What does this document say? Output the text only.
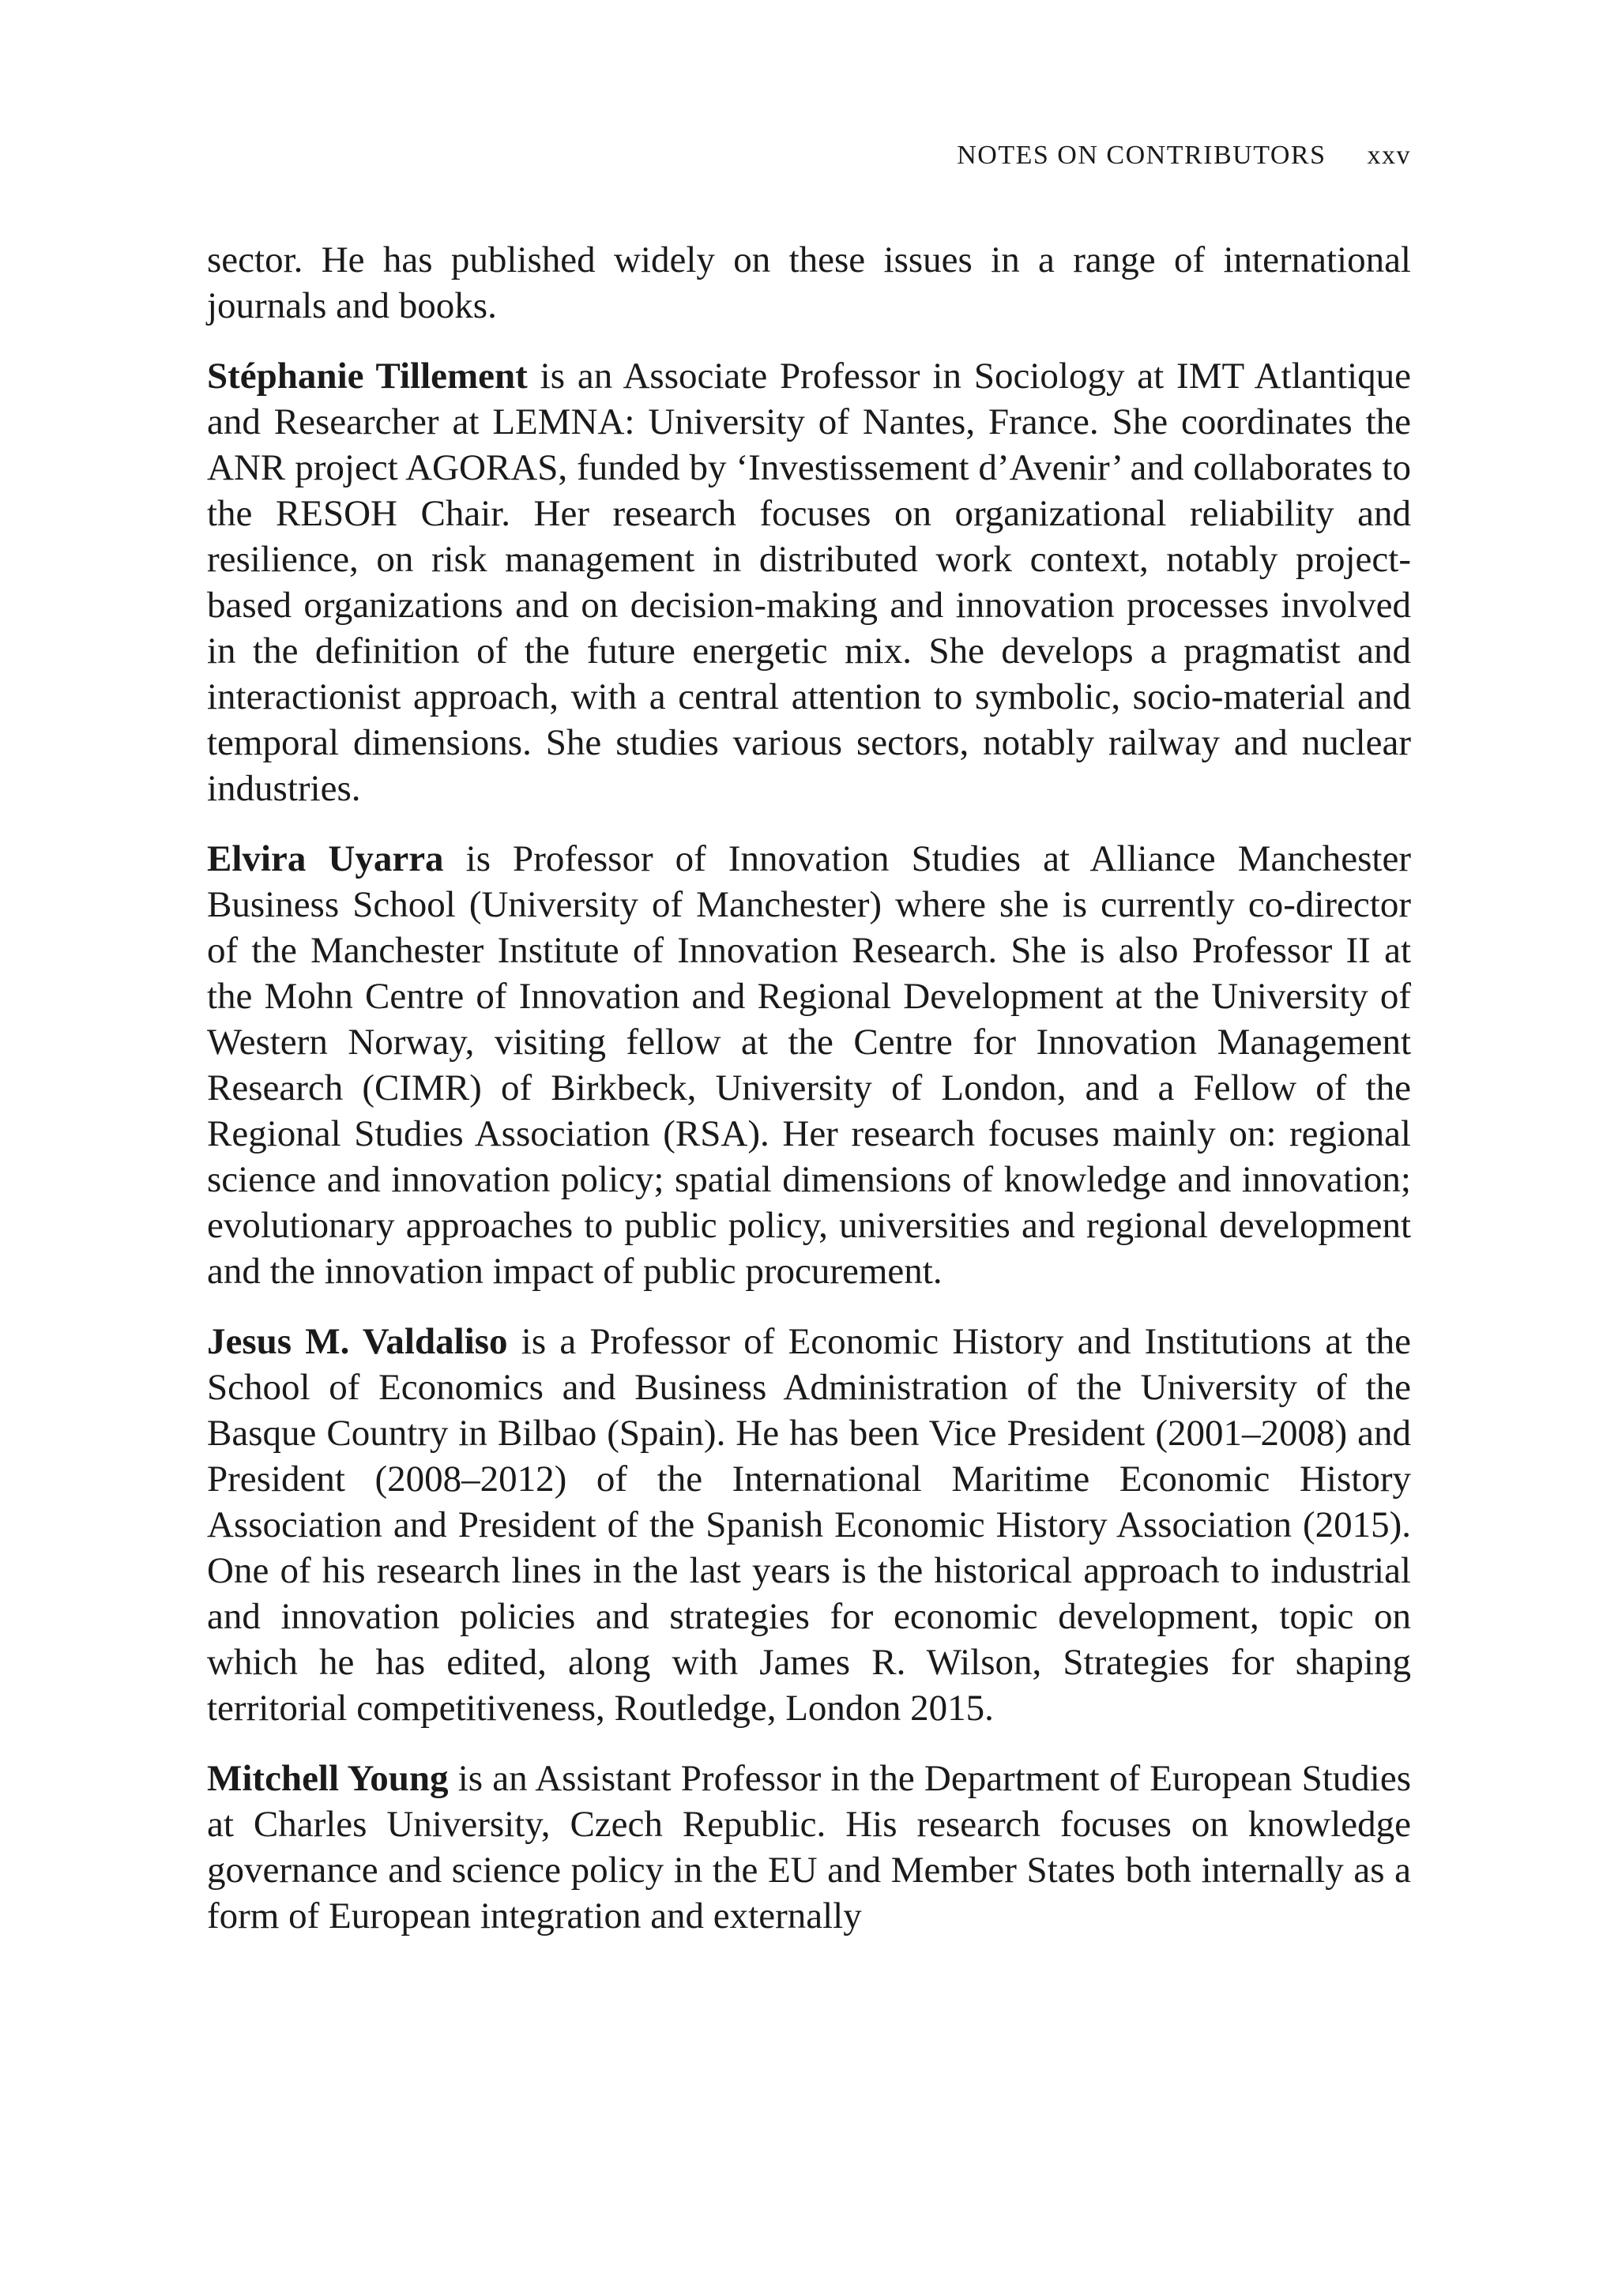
NOTES ON CONTRIBUTORS xxv

sector. He has published widely on these issues in a range of international journals and books.

Stéphanie Tillement is an Associate Professor in Sociology at IMT Atlantique and Researcher at LEMNA: University of Nantes, France. She coordinates the ANR project AGORAS, funded by ‘Investissement d’Avenir’ and collaborates to the RESOH Chair. Her research focuses on organizational reliability and resilience, on risk management in distributed work context, notably project-based organizations and on decision-making and innovation processes involved in the definition of the future energetic mix. She develops a pragmatist and interactionist approach, with a central attention to symbolic, socio-material and temporal dimensions. She studies various sectors, notably railway and nuclear industries.

Elvira Uyarra is Professor of Innovation Studies at Alliance Manchester Business School (University of Manchester) where she is currently co-director of the Manchester Institute of Innovation Research. She is also Professor II at the Mohn Centre of Innovation and Regional Development at the University of Western Norway, visiting fellow at the Centre for Innovation Management Research (CIMR) of Birkbeck, University of London, and a Fellow of the Regional Studies Association (RSA). Her research focuses mainly on: regional science and innovation policy; spatial dimensions of knowledge and innovation; evolutionary approaches to public policy, universities and regional development and the innovation impact of public procurement.

Jesus M. Valdaliso is a Professor of Economic History and Institutions at the School of Economics and Business Administration of the University of the Basque Country in Bilbao (Spain). He has been Vice President (2001–2008) and President (2008–2012) of the International Maritime Economic History Association and President of the Spanish Economic History Association (2015). One of his research lines in the last years is the historical approach to industrial and innovation policies and strategies for economic development, topic on which he has edited, along with James R. Wilson, Strategies for shaping territorial competitiveness, Routledge, London 2015.

Mitchell Young is an Assistant Professor in the Department of European Studies at Charles University, Czech Republic. His research focuses on knowledge governance and science policy in the EU and Member States both internally as a form of European integration and externally
